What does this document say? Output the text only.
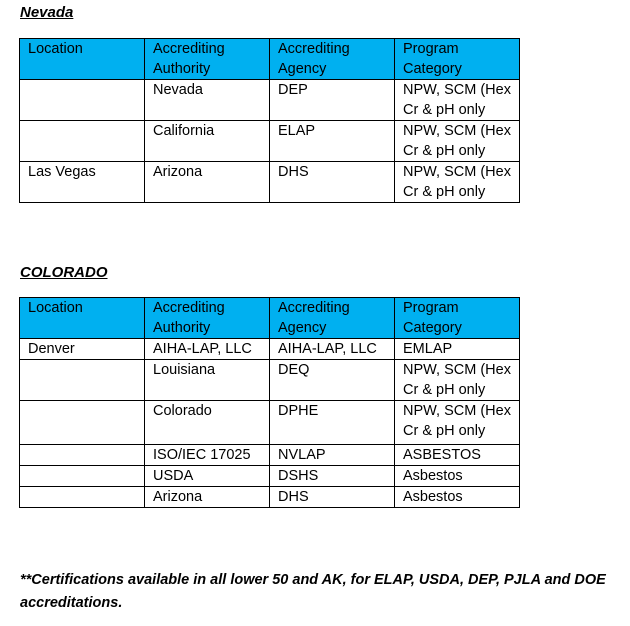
Nevada
Location	Accrediting Authority	Accrediting Agency	Program Category
	Nevada	DEP	NPW, SCM (Hex Cr & pH only
	California	ELAP	NPW, SCM (Hex Cr & pH only
Las Vegas	Arizona	DHS	NPW, SCM (Hex Cr & pH only
COLORADO
Location	Accrediting Authority	Accrediting Agency	Program Category
Denver	AIHA-LAP, LLC	AIHA-LAP, LLC	EMLAP
	Louisiana	DEQ	NPW, SCM (Hex Cr & pH only
	Colorado	DPHE	NPW, SCM (Hex Cr & pH only
	ISO/IEC 17025	NVLAP	ASBESTOS
	USDA	DSHS	Asbestos
	Arizona	DHS	Asbestos
**Certifications available in all lower 50 and AK, for ELAP, USDA, DEP, PJLA and DOE accreditations.
